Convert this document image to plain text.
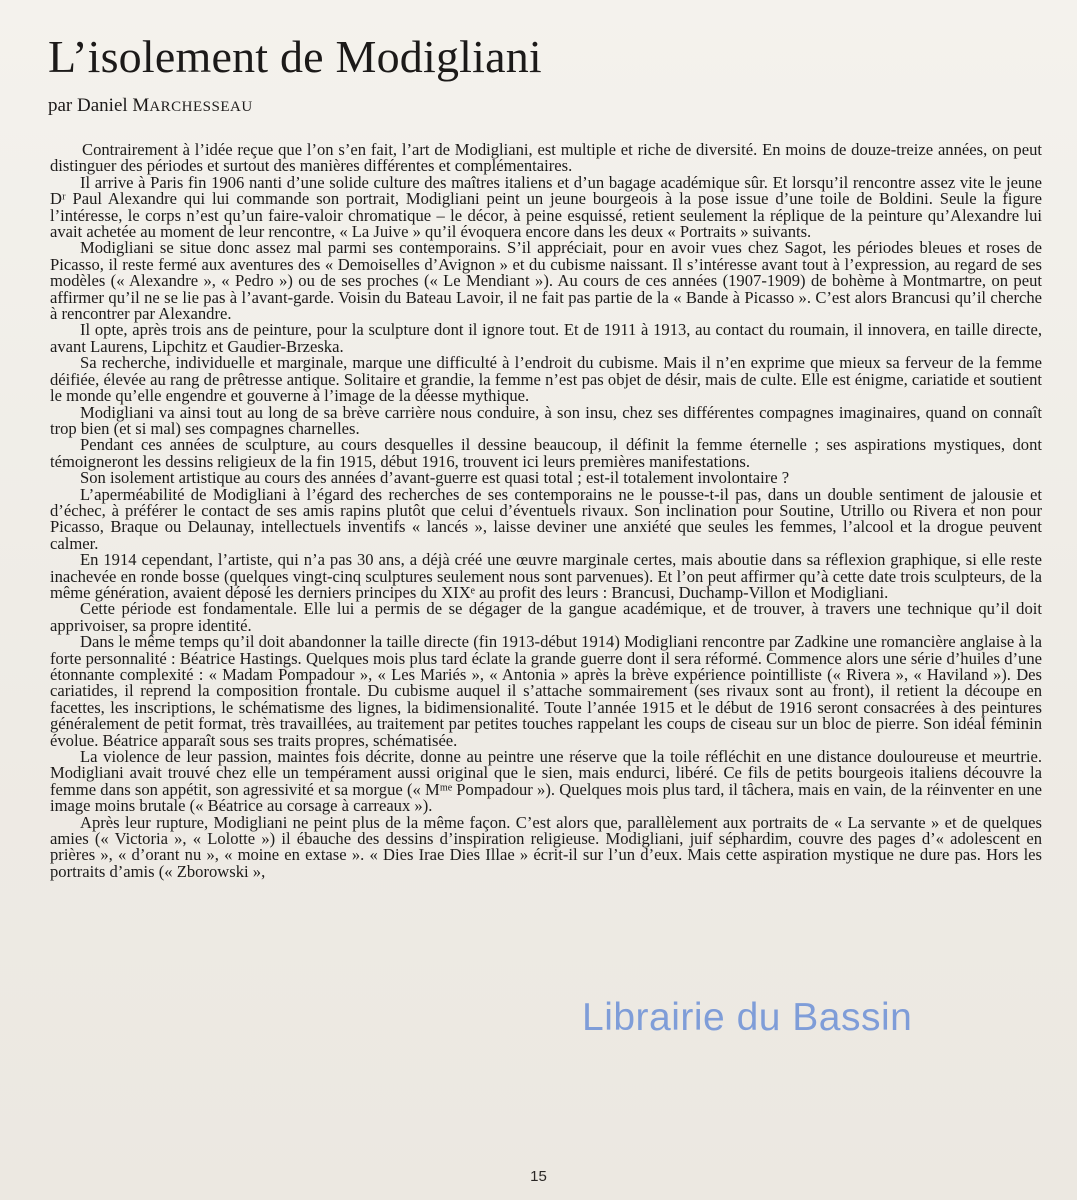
L’isolement de Modigliani

par Daniel MARCHESSEAU

Contrairement à l’idée reçue que l’on s’en fait, l’art de Modigliani, est multiple et riche de diversité. En moins de douze-treize années, on peut distinguer des périodes et surtout des manières différentes et complémentaires.

Il arrive à Paris fin 1906 nanti d’une solide culture des maîtres italiens et d’un bagage académique sûr. Et lorsqu’il rencontre assez vite le jeune Dʳ Paul Alexandre qui lui commande son portrait, Modigliani peint un jeune bourgeois à la pose issue d’une toile de Boldini. Seule la figure l’intéresse, le corps n’est qu’un faire-valoir chromatique – le décor, à peine esquissé, retient seulement la réplique de la peinture qu’Alexandre lui avait achetée au moment de leur rencontre, « La Juive » qu’il évoquera encore dans les deux « Portraits » suivants.

Modigliani se situe donc assez mal parmi ses contemporains. S’il appréciait, pour en avoir vues chez Sagot, les périodes bleues et roses de Picasso, il reste fermé aux aventures des « Demoiselles d’Avignon » et du cubisme naissant. Il s’intéresse avant tout à l’expression, au regard de ses modèles (« Alexandre », « Pedro ») ou de ses proches (« Le Mendiant »). Au cours de ces années (1907-1909) de bohème à Montmartre, on peut affirmer qu’il ne se lie pas à l’avant-garde. Voisin du Bateau Lavoir, il ne fait pas partie de la « Bande à Picasso ». C’est alors Brancusi qu’il cherche à rencontrer par Alexandre.

Il opte, après trois ans de peinture, pour la sculpture dont il ignore tout. Et de 1911 à 1913, au contact du roumain, il innovera, en taille directe, avant Laurens, Lipchitz et Gaudier-Brzeska.

Sa recherche, individuelle et marginale, marque une difficulté à l’endroit du cubisme. Mais il n’en exprime que mieux sa ferveur de la femme déifiée, élevée au rang de prêtresse antique. Solitaire et grandie, la femme n’est pas objet de désir, mais de culte. Elle est énigme, cariatide et soutient le monde qu’elle engendre et gouverne à l’image de la déesse mythique.

Modigliani va ainsi tout au long de sa brève carrière nous conduire, à son insu, chez ses différentes compagnes imaginaires, quand on connaît trop bien (et si mal) ses compagnes charnelles.

Pendant ces années de sculpture, au cours desquelles il dessine beaucoup, il définit la femme éternelle ; ses aspirations mystiques, dont témoigneront les dessins religieux de la fin 1915, début 1916, trouvent ici leurs premières manifestations.

Son isolement artistique au cours des années d’avant-guerre est quasi total ; est-il totalement involontaire ?

L’aperméabilité de Modigliani à l’égard des recherches de ses contemporains ne le pousse-t-il pas, dans un double sentiment de jalousie et d’échec, à préférer le contact de ses amis rapins plutôt que celui d’éventuels rivaux. Son inclination pour Soutine, Utrillo ou Rivera et non pour Picasso, Braque ou Delaunay, intellectuels inventifs « lancés », laisse deviner une anxiété que seules les femmes, l’alcool et la drogue peuvent calmer.

En 1914 cependant, l’artiste, qui n’a pas 30 ans, a déjà créé une œuvre marginale certes, mais aboutie dans sa réflexion graphique, si elle reste inachevée en ronde bosse (quelques vingt-cinq sculptures seulement nous sont parvenues). Et l’on peut affirmer qu’à cette date trois sculpteurs, de la même génération, avaient déposé les derniers principes du XIXᵉ au profit des leurs : Brancusi, Duchamp-Villon et Modigliani.

Cette période est fondamentale. Elle lui a permis de se dégager de la gangue académique, et de trouver, à travers une technique qu’il doit apprivoiser, sa propre identité.

Dans le même temps qu’il doit abandonner la taille directe (fin 1913-début 1914) Modigliani rencontre par Zadkine une romancière anglaise à la forte personnalité : Béatrice Hastings. Quelques mois plus tard éclate la grande guerre dont il sera réformé. Commence alors une série d’huiles d’une étonnante complexité : « Madam Pompadour », « Les Mariés », « Antonia » après la brève expérience pointilliste (« Rivera », « Haviland »). Des cariatides, il reprend la composition frontale. Du cubisme auquel il s’attache sommairement (ses rivaux sont au front), il retient la découpe en facettes, les inscriptions, le schématisme des lignes, la bidimensionalité. Toute l’année 1915 et le début de 1916 seront consacrées à des peintures généralement de petit format, très travaillées, au traitement par petites touches rappelant les coups de ciseau sur un bloc de pierre. Son idéal féminin évolue. Béatrice apparaît sous ses traits propres, schématisée.

La violence de leur passion, maintes fois décrite, donne au peintre une réserve que la toile réfléchit en une distance douloureuse et meurtrie. Modigliani avait trouvé chez elle un tempérament aussi original que le sien, mais endurci, libéré. Ce fils de petits bourgeois italiens découvre la femme dans son appétit, son agressivité et sa morgue (« Mᵐᵉ Pompadour »). Quelques mois plus tard, il tâchera, mais en vain, de la réinventer en une image moins brutale (« Béatrice au corsage à carreaux »).

Après leur rupture, Modigliani ne peint plus de la même façon. C’est alors que, parallèlement aux portraits de « La servante » et de quelques amies (« Victoria », « Lolotte ») il ébauche des dessins d’inspiration religieuse. Modigliani, juif séphardim, couvre des pages d’« adolescent en prières », « d’orant nu », « moine en extase ». « Dies Irae Dies Illae » écrit-il sur l’un d’eux. Mais cette aspiration mystique ne dure pas. Hors les portraits d’amis (« Zborowski »,

Librairie du Bassin
15
